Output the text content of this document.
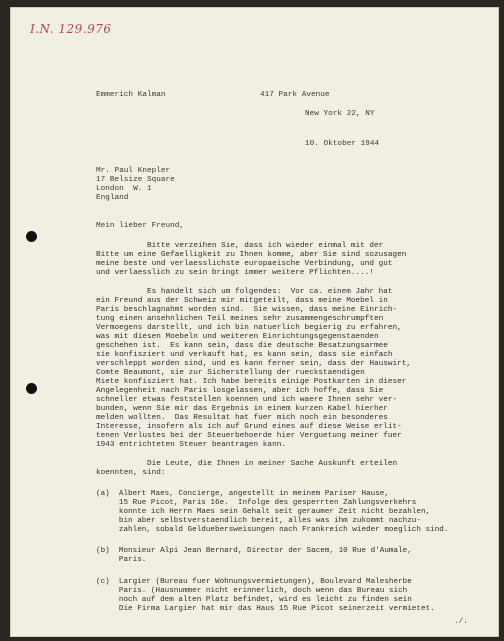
I.N. 129.976
Emmerich Kalman	417 Park Avenue
New York 22, NY
10. Oktober 1944
Mr. Paul Knepler
17 Belsize Square
London  W. 1
England
Mein lieber Freund,
Bitte verzeihen Sie, dass ich wieder einmal mit der
Bitte um eine Gefaelligkeit zu Ihnen komme, aber Sie sind sozusagen
meine beste und verlaesslichste europaeische Verbindung, und gut
und verlaesslich zu sein bringt immer weitere Pflichten....!
Es handelt sich um folgendes:  Vor ca. einem Jahr hat
ein Freund aus der Schweiz mir mitgeteilt, dass meine Moebel in
Paris beschlagnahmt worden sind.  Sie wissen, dass meine Einrich-
tung einen ansehnlichen Teil meines sehr zusammengeschrumpften
Vermoegens darstellt, und ich bin natuerlich begierig zu erfahren,
was mit diesen Moebeln und weiteren Einrichtungsgegenstaenden
geschehen ist.  Es kann sein, dass die deutsche Besatzungsarmee
sie konfisziert und verkauft hat, es kann sein, dass sie einfach
verschleppt worden sind, und es kann ferner sein, dass der Hauswirt,
Comte Beaumont, sie zur Sicherstellung der rueckstaendigen
Miete konfisziert hat. Ich habe bereits einige Postkarten in dieser
Angelegenheit nach Paris losgelassen, aber ich hoffe, dass Sie
schneller etwas feststellen koennen und ich waere Ihnen sehr ver-
bunden, wenn Sie mir das Ergebnis in einem kurzen Kabel hierher
melden wollten.  Das Resultat hat fuer mich noch ein besonderes
Interesse, insofern als ich auf Grund eines auf diese Weise erlit-
tenen Verlustes bei der Steuerbehoerde hier Verguetung meiner fuer
1943 entrichteten Steuer beantragen kann.
Die Leute, die Ihnen in meiner Sache Auskunft erteilen
koennten, sind:
(a)  Albert Maes, Concierge, angestellt in meinem Pariser Hause,
15 Rue Picot, Paris 16e.  Infolge des gesperrten Zahlungsverkehrs
konnte ich Herrn Maes sein Gehalt seit geraumer Zeit nicht bezahlen,
bin aber selbstverstaendlich bereit, alles was ihm zukommt nachzu-
zahlen, sobald Gelduebersweisungen nach Frankreich wieder moeglich sind.
(b)  Monsieur Alpi Jean Bernard, Director der Sacem, 10 Rue d'Aumale,
Paris.
(c)  Largier (Bureau fuer Wohnungsvermietungen), Boulevard Malesherbe
Paris. (Hausnummer nicht erinnerlich, doch wenn das Bureau sich
noch auf dem alten Platz befindet, wird es leicht zu finden sein
Die Firma Largier hat mir das Haus 15 Rue Picot seinerzeit vermietet.
./.
